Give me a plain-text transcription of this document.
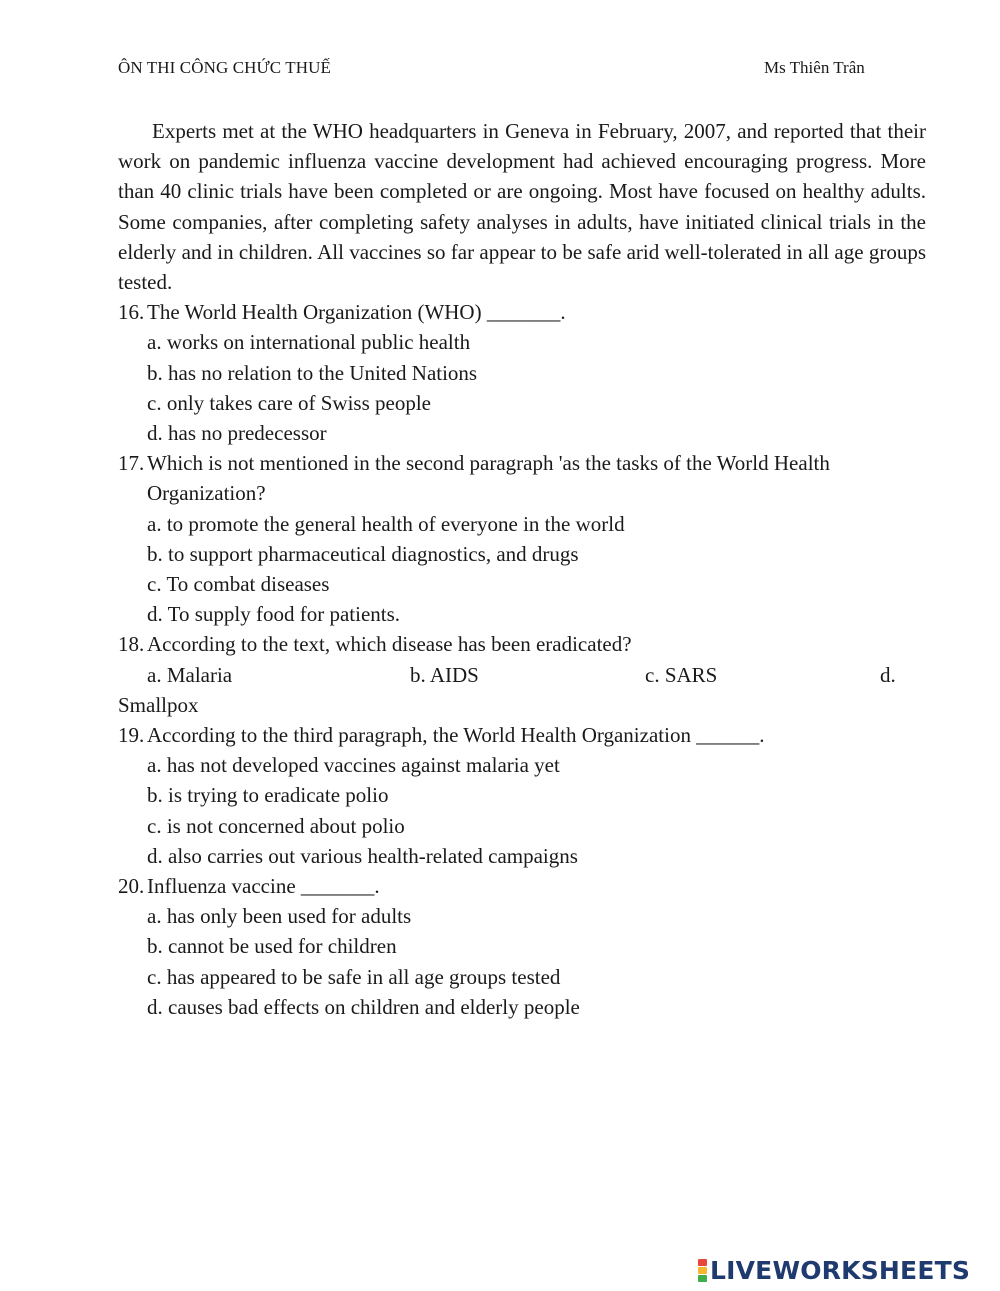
ÔN THI CÔNG CHỨC THUẾ	Ms Thiên Trân

Experts met at the WHO headquarters in Geneva in February, 2007, and reported that their work on pandemic influenza vaccine development had achieved encouraging progress. More than 40 clinic trials have been completed or are ongoing. Most have focused on healthy adults. Some companies, after completing safety analyses in adults, have initiated clinical trials in the elderly and in children. All vaccines so far appear to be safe arid well-tolerated in all age groups tested.

16. The World Health Organization (WHO) _______.
a. works on international public health
b. has no relation to the United Nations
c. only takes care of Swiss people
d. has no predecessor
17. Which is not mentioned in the second paragraph 'as the tasks of the World Health Organization?
a. to promote the general health of everyone in the world
b. to support pharmaceutical diagnostics, and drugs
c. To combat diseases
d. To supply food for patients.
18. According to the text, which disease has been eradicated?
a. Malaria	b. AIDS	c. SARS	d.
Smallpox
19. According to the third paragraph, the World Health Organization ______.
a. has not developed vaccines against malaria yet
b. is trying to eradicate polio
c. is not concerned about polio
d. also carries out various health-related campaigns
20. Influenza vaccine _______.
a. has only been used for adults
b. cannot be used for children
c. has appeared to be safe in all age groups tested
d. causes bad effects on children and elderly people
LIVEWORKSHEETS
